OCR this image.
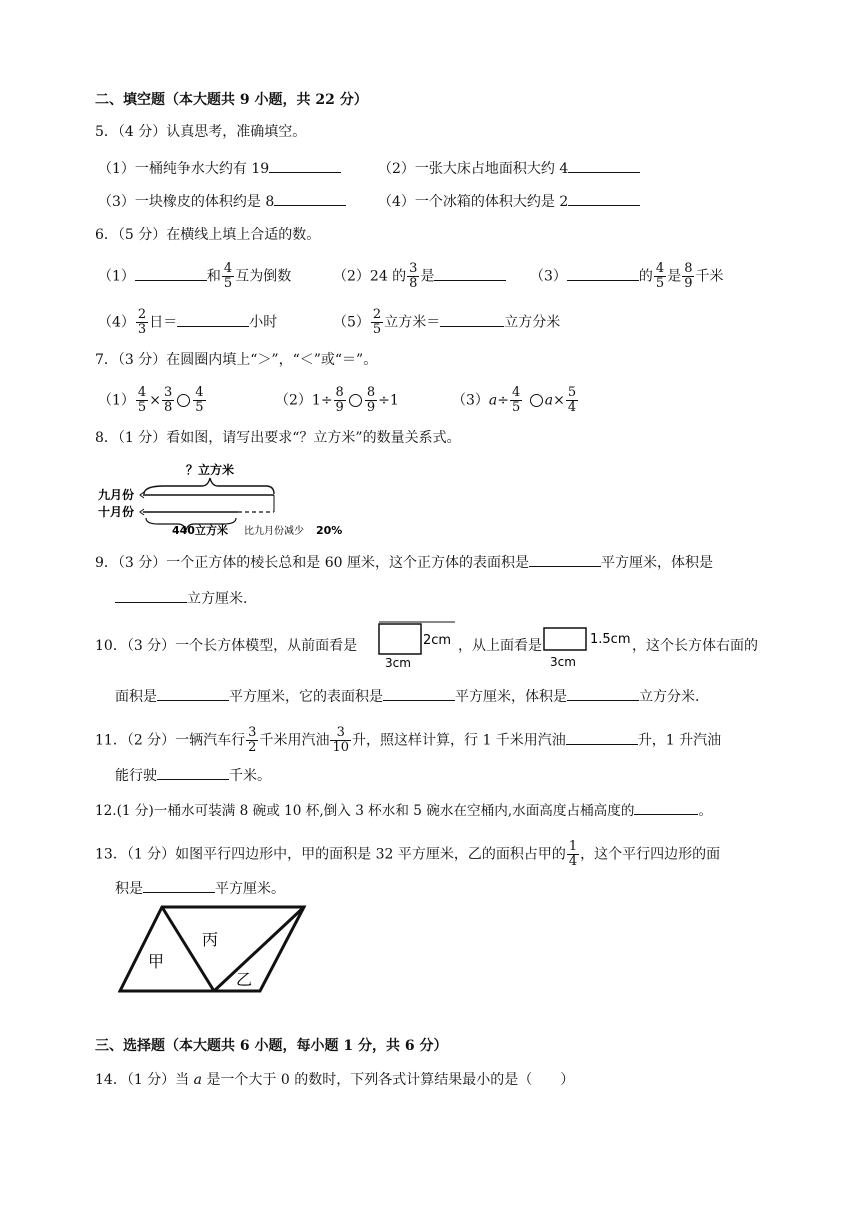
二、填空题（本大题共 9 小题，共 22 分）
5．（4 分）认真思考，准确填空。
（1）一桶纯争水大约有 19	（2）一张大床占地面积大约 4
（3）一块橡皮的体积约是 8	（4）一个冰箱的体积大约是 2
6．（5 分）在横线上填上合适的数。
（1）	和 $\frac{4}{5}$ 互为倒数	（2）24 的 $\frac{3}{8}$ 是	（3）	的 $\frac{4}{5}$ 是 $\frac{8}{9}$ 千米
$(4) \frac{2}{3}$ 日＝	小时	$(5) \frac{2}{5}$ 立方米＝	立方分米
7．（3 分）在圆圈内填上“＞”，“＜”或“＝”。
$(1) \frac{4}{5} \times \frac{3}{8} \frac{4}{5}$	$(2)1\div \frac{8}{9} \frac{8}{9} \div 1$	$(3)a\div \frac{4}{5} a\times \frac{5}{4}$
8．（1 分）看如图，请写出要求“？立方米”的数量关系式。
？立方米
九月份
十月份
440立方米 比九月份减少 20%
9．（3 分）一个正方体的棱长总和是 60 厘米，这个正方体的表面积是	平方厘米，体积是
立方厘米.
10．（3 分）一个长方体模型，从前面看是	2cm
3cm
，从上面看是	1.5cm
3cm
，这个长方体右面的
面积是	平方厘米，它的表面积是	平方厘米，体积是	立方分米.
11．（2 分）一辆汽车行 $\frac{3}{2}$ 千米用汽油 $\frac{3}{10}$ 升，照这样计算，行 1 千米用汽油	升，1 升汽油
能行驶	千米。
12.(1 分)一桶水可装满 8 碗或 10 杯,倒入 3 杯水和 5 碗水在空桶内,水面高度占桶高度的	。
13．（1 分）如图平行四边形中，甲的面积是 32 平方厘米，乙的面积占甲的 $\frac{1}{4}$ ，这个平行四边形的面
积是	平方厘米。
甲
丙
乙
三、选择题（本大题共 6 小题，每小题 1 分，共 6 分）
14．（1 分）当 a 是一个大于 0 的数时，下列各式计算结果最小的是（　　）
